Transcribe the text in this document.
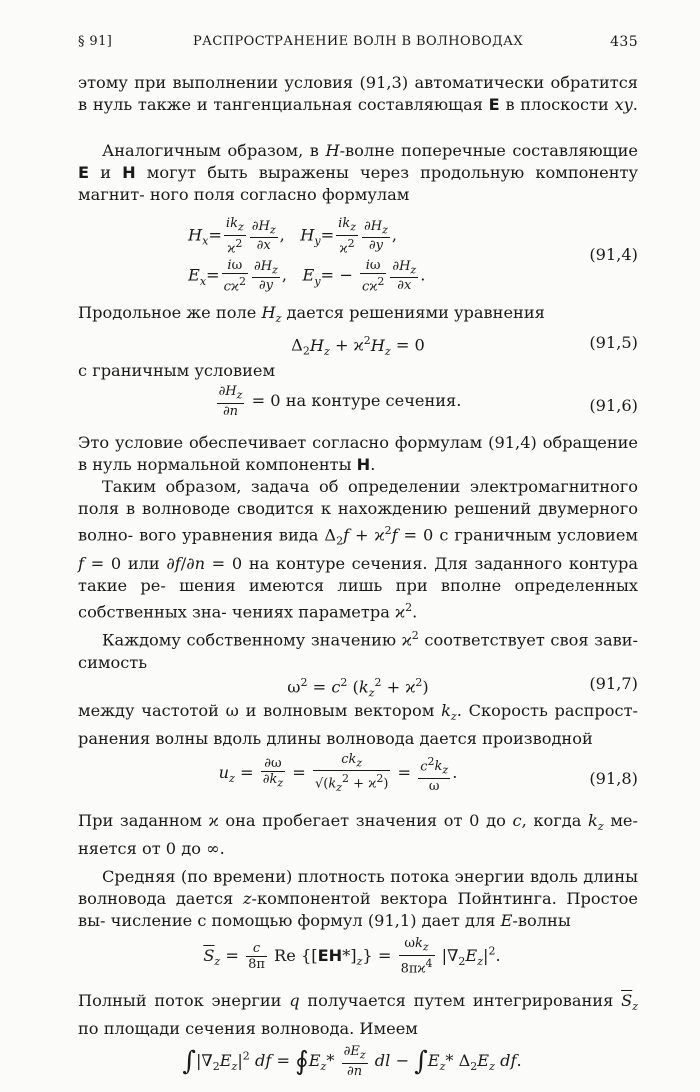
§ 91]	РАСПРОСТРАНЕНИЕ ВОЛН В ВОЛНОВОДАХ	435

этому при выполнении условия (91,3) автоматически обратится в нуль также и тангенциальная составляющая E в плоскости xy.

Аналогичным образом, в H-волне поперечные составляющие E и H могут быть выражены через продольную компоненту магнит- ного поля согласно формулам

$H_x= \frac{ik_z}{ϰ^2} \frac{\partial H_z}{\partial x}$ ,   $H_y= \frac{ik_z}{ϰ^2} \frac{\partial H_z}{\partial y}$ ,
$E_x= \frac{i\omega}{cϰ^2} \frac{\partial H_z}{\partial y}$ ,   $E_y= - \frac{i\omega}{cϰ^2} \frac{\partial H_z}{\partial x}$ .
(91,4)

Продольное же поле $H_z$ дается решениями уравнения

$\Delta_2H_z + ϰ^2H_z = 0$	(91,5)

с граничным условием

$\frac{\partial H_z}{\partial n} = 0$ на контуре сечения.	(91,6)

Это условие обеспечивает согласно формулам (91,4) обращение в нуль нормальной компоненты H.

Таким образом, задача об определении электромагнитного поля в волноводе сводится к нахождению решений двумерного волно- вого уравнения вида $\Delta_2f + ϰ^2f = 0$ с граничным условием f = 0 или ∂f/∂n = 0 на контуре сечения. Для заданного контура такие ре- шения имеются лишь при вполне определенных собственных зна- чениях параметра $ϰ^2$.

Каждому собственному значению $ϰ^2$ соответствует своя зави- симость

$\omega^2 = c^2$ $(k_z^2 + ϰ^2)$	(91,7)

между частотой ω и волновым вектором $k_z$. Скорость распрост- ранения волны вдоль длины волновода дается производной

$u_z = \frac{\partial\omega}{\partial k_z} = \frac{ck_z}{√(k_z^2 + ϰ^2)} = \frac{c^2k_z}{\omega}$ .	(91,8)

При заданном ϰ она пробегает значения от 0 до c, когда $k_z$ ме- няется от 0 до ∞.

Средняя (по времени) плотность потока энергии вдоль длины волновода дается z-компонентой вектора Пойнтинга. Простое вы- числение с помощью формул (91,1) дает для E-волны

$\overline{S}_z = \frac{c}{8\pi}$ Re $\{[EH*]_z\} = \frac{\omega k_z}{8\pi ϰ^4} |\nabla_2E_z|^2$.

Полный поток энергии q получается путем интегрирования $\overline{S}_z$ по площади сечения волновода. Имеем

$\int|\nabla_2E_z|^2$ df = $∮E_z* \frac{\partial E_z}{\partial n}$ dl − $\int E_z*$ $\Delta_2E_z$ df.
